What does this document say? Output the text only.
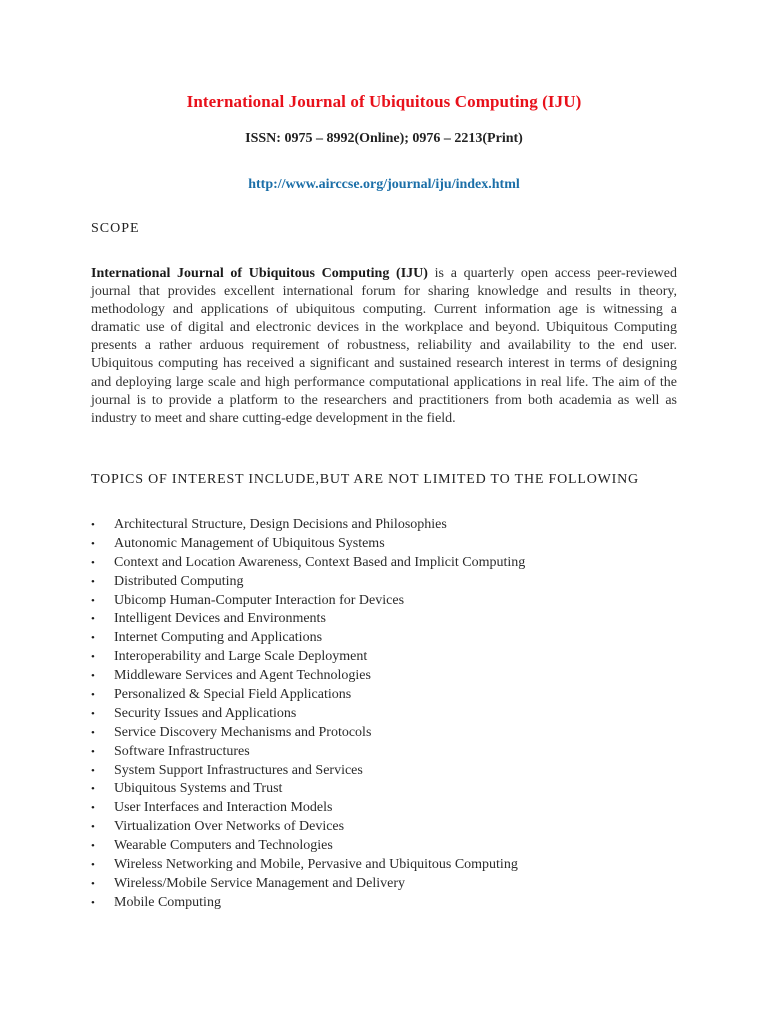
International Journal of Ubiquitous Computing (IJU)
ISSN: 0975 – 8992(Online); 0976 – 2213(Print)
http://www.airccse.org/journal/iju/index.html
SCOPE

International Journal of Ubiquitous Computing (IJU) is a quarterly open access peer-reviewed journal that provides excellent international forum for sharing knowledge and results in theory, methodology and applications of ubiquitous computing. Current information age is witnessing a dramatic use of digital and electronic devices in the workplace and beyond. Ubiquitous Computing presents a rather arduous requirement of robustness, reliability and availability to the end user. Ubiquitous computing has received a significant and sustained research interest in terms of designing and deploying large scale and high performance computational applications in real life. The aim of the journal is to provide a platform to the researchers and practitioners from both academia as well as industry to meet and share cutting-edge development in the field.

TOPICS OF INTEREST INCLUDE,BUT ARE NOT LIMITED TO THE FOLLOWING
• Architectural Structure, Design Decisions and Philosophies
• Autonomic Management of Ubiquitous Systems
• Context and Location Awareness, Context Based and Implicit Computing
• Distributed Computing
• Ubicomp Human-Computer Interaction for Devices
• Intelligent Devices and Environments
• Internet Computing and Applications
• Interoperability and Large Scale Deployment
• Middleware Services and Agent Technologies
• Personalized & Special Field Applications
• Security Issues and Applications
• Service Discovery Mechanisms and Protocols
• Software Infrastructures
• System Support Infrastructures and Services
• Ubiquitous Systems and Trust
• User Interfaces and Interaction Models
• Virtualization Over Networks of Devices
• Wearable Computers and Technologies
• Wireless Networking and Mobile, Pervasive and Ubiquitous Computing
• Wireless/Mobile Service Management and Delivery
• Mobile Computing
